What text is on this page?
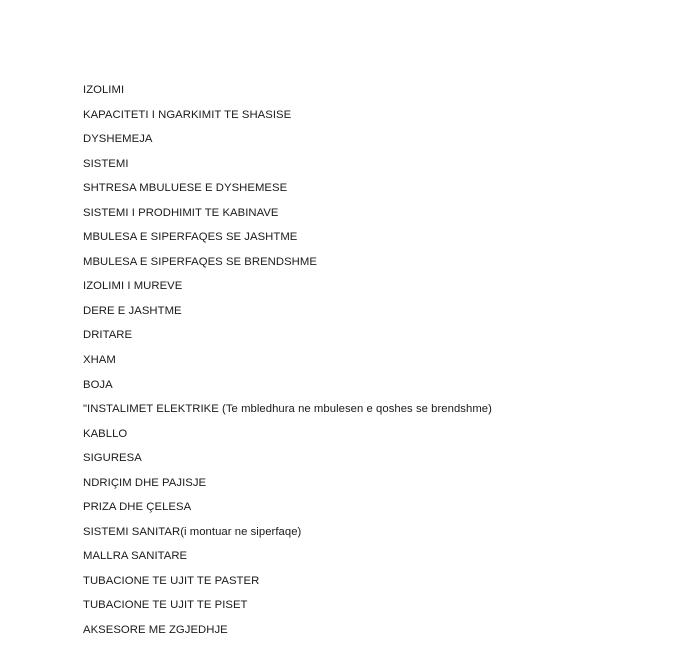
IZOLIMI
KAPACITETI I NGARKIMIT TE SHASISE
DYSHEMEJA
SISTEMI
SHTRESA MBULUESE E DYSHEMESE
SISTEMI I PRODHIMIT TE KABINAVE
MBULESA E SIPERFAQES SE JASHTME
MBULESA E SIPERFAQES SE BRENDSHME
IZOLIMI I MUREVE
DERE E JASHTME
DRITARE
XHAM
BOJA
"INSTALIMET ELEKTRIKE (Te mbledhura ne mbulesen e qoshes se brendshme)
KABLLO
SIGURESA
NDRIÇIM DHE PAJISJE
PRIZA DHE ÇELESA
SISTEMI SANITAR(i montuar ne siperfaqe)
MALLRA SANITARE
TUBACIONE TE UJIT TE PASTER
TUBACIONE TE UJIT TE PISET
AKSESORE ME ZGJEDHJE
